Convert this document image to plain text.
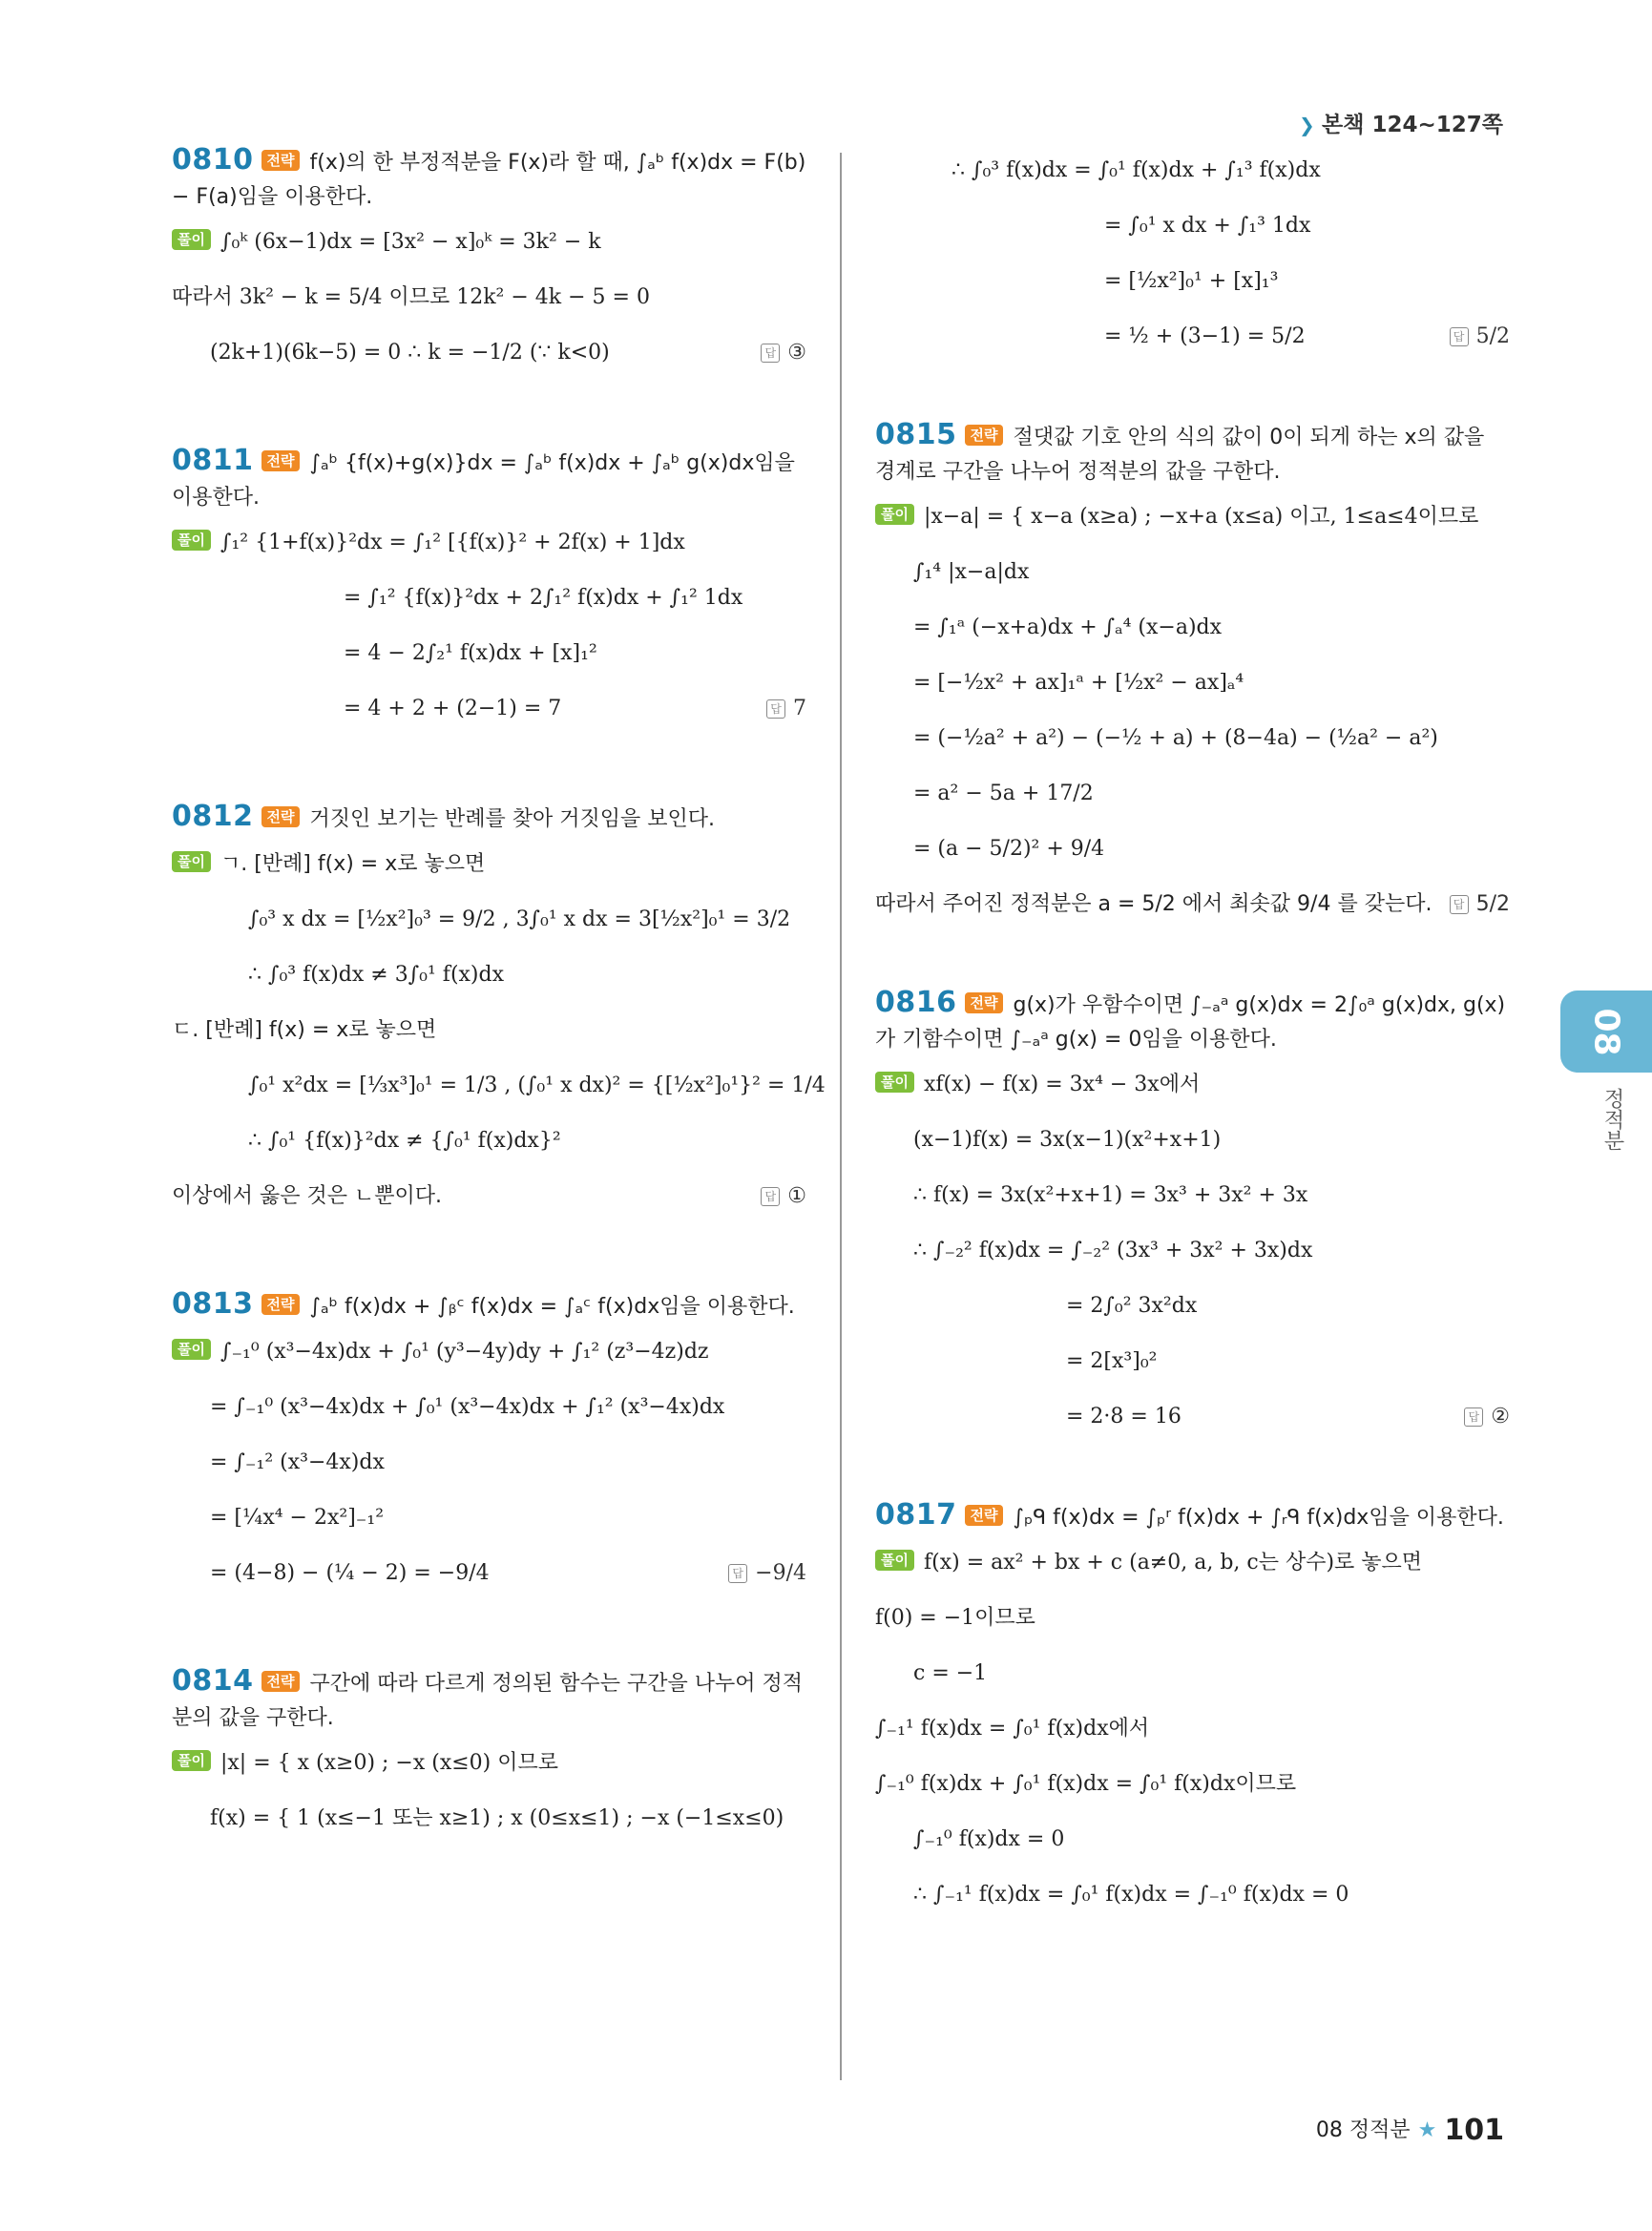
❯ 본책 124~127쪽
0810 전략 f(x)의 한 부정적분을 F(x)라 할 때, ∫ₐᵇ f(x)dx = F(b) − F(a)임을 이용한다.
풀이 ∫₀ᵏ (6x−1)dx = [3x² − x]₀ᵏ = 3k² − k
따라서 3k² − k = 5/4 이므로 12k² − 4k − 5 = 0
(2k+1)(6k−5) = 0 ∴ k = −1/2 (∵ k<0)	답 ③
0811 전략 ∫ₐᵇ {f(x)+g(x)}dx = ∫ₐᵇ f(x)dx + ∫ₐᵇ g(x)dx임을 이용한다.
풀이 ∫₁² {1+f(x)}²dx = ∫₁² [{f(x)}² + 2f(x) + 1]dx
= ∫₁² {f(x)}²dx + 2∫₁² f(x)dx + ∫₁² 1dx
= 4 − 2∫₂¹ f(x)dx + [x]₁²
= 4 + 2 + (2−1) = 7	답 7
0812 전략 거짓인 보기는 반례를 찾아 거짓임을 보인다.
풀이 ㄱ. [반례] f(x) = x로 놓으면
∫₀³ x dx = [½x²]₀³ = 9/2 , 3∫₀¹ x dx = 3[½x²]₀¹ = 3/2
∴ ∫₀³ f(x)dx ≠ 3∫₀¹ f(x)dx
ㄷ. [반례] f(x) = x로 놓으면
∫₀¹ x²dx = [⅓x³]₀¹ = 1/3 , (∫₀¹ x dx)² = {[½x²]₀¹}² = 1/4
∴ ∫₀¹ {f(x)}²dx ≠ {∫₀¹ f(x)dx}²
이상에서 옳은 것은 ㄴ뿐이다.	답 ①
0813 전략 ∫ₐᵇ f(x)dx + ∫ᵦᶜ f(x)dx = ∫ₐᶜ f(x)dx임을 이용한다.
풀이 ∫₋₁⁰ (x³−4x)dx + ∫₀¹ (y³−4y)dy + ∫₁² (z³−4z)dz
= ∫₋₁⁰ (x³−4x)dx + ∫₀¹ (x³−4x)dx + ∫₁² (x³−4x)dx
= ∫₋₁² (x³−4x)dx
= [¼x⁴ − 2x²]₋₁²
= (4−8) − (¼ − 2) = −9/4	답 −9/4
0814 전략 구간에 따라 다르게 정의된 함수는 구간을 나누어 정적분의 값을 구한다.
풀이 |x| = { x (x≥0) ; −x (x≤0) 이므로
f(x) = { 1 (x≤−1 또는 x≥1) ; x (0≤x≤1) ; −x (−1≤x≤0)
∴ ∫₀³ f(x)dx = ∫₀¹ f(x)dx + ∫₁³ f(x)dx
= ∫₀¹ x dx + ∫₁³ 1dx
= [½x²]₀¹ + [x]₁³
= ½ + (3−1) = 5/2	답 5/2
0815 전략 절댓값 기호 안의 식의 값이 0이 되게 하는 x의 값을 경계로 구간을 나누어 정적분의 값을 구한다.
풀이 |x−a| = { x−a (x≥a) ; −x+a (x≤a) 이고, 1≤a≤4이므로
∫₁⁴ |x−a|dx
= ∫₁ᵃ (−x+a)dx + ∫ₐ⁴ (x−a)dx
= [−½x² + ax]₁ᵃ + [½x² − ax]ₐ⁴
= (−½a² + a²) − (−½ + a) + (8−4a) − (½a² − a²)
= a² − 5a + 17/2
= (a − 5/2)² + 9/4
따라서 주어진 정적분은 a = 5/2 에서 최솟값 9/4 를 갖는다.	답 5/2
0816 전략 g(x)가 우함수이면 ∫₋ₐᵃ g(x)dx = 2∫₀ᵃ g(x)dx, g(x)가 기함수이면 ∫₋ₐᵃ g(x) = 0임을 이용한다.
풀이 xf(x) − f(x) = 3x⁴ − 3x에서
(x−1)f(x) = 3x(x−1)(x²+x+1)
∴ f(x) = 3x(x²+x+1) = 3x³ + 3x² + 3x
∴ ∫₋₂² f(x)dx = ∫₋₂² (3x³ + 3x² + 3x)dx
= 2∫₀² 3x²dx
= 2[x³]₀²
= 2·8 = 16	답 ②
0817 전략 ∫ₚᑫ f(x)dx = ∫ₚʳ f(x)dx + ∫ᵣᑫ f(x)dx임을 이용한다.
풀이 f(x) = ax² + bx + c (a≠0, a, b, c는 상수)로 놓으면
f(0) = −1이므로
c = −1
∫₋₁¹ f(x)dx = ∫₀¹ f(x)dx에서
∫₋₁⁰ f(x)dx + ∫₀¹ f(x)dx = ∫₀¹ f(x)dx이므로
∫₋₁⁰ f(x)dx = 0
∴ ∫₋₁¹ f(x)dx = ∫₀¹ f(x)dx = ∫₋₁⁰ f(x)dx = 0
08
정적분
08 정적분 ★ 101
